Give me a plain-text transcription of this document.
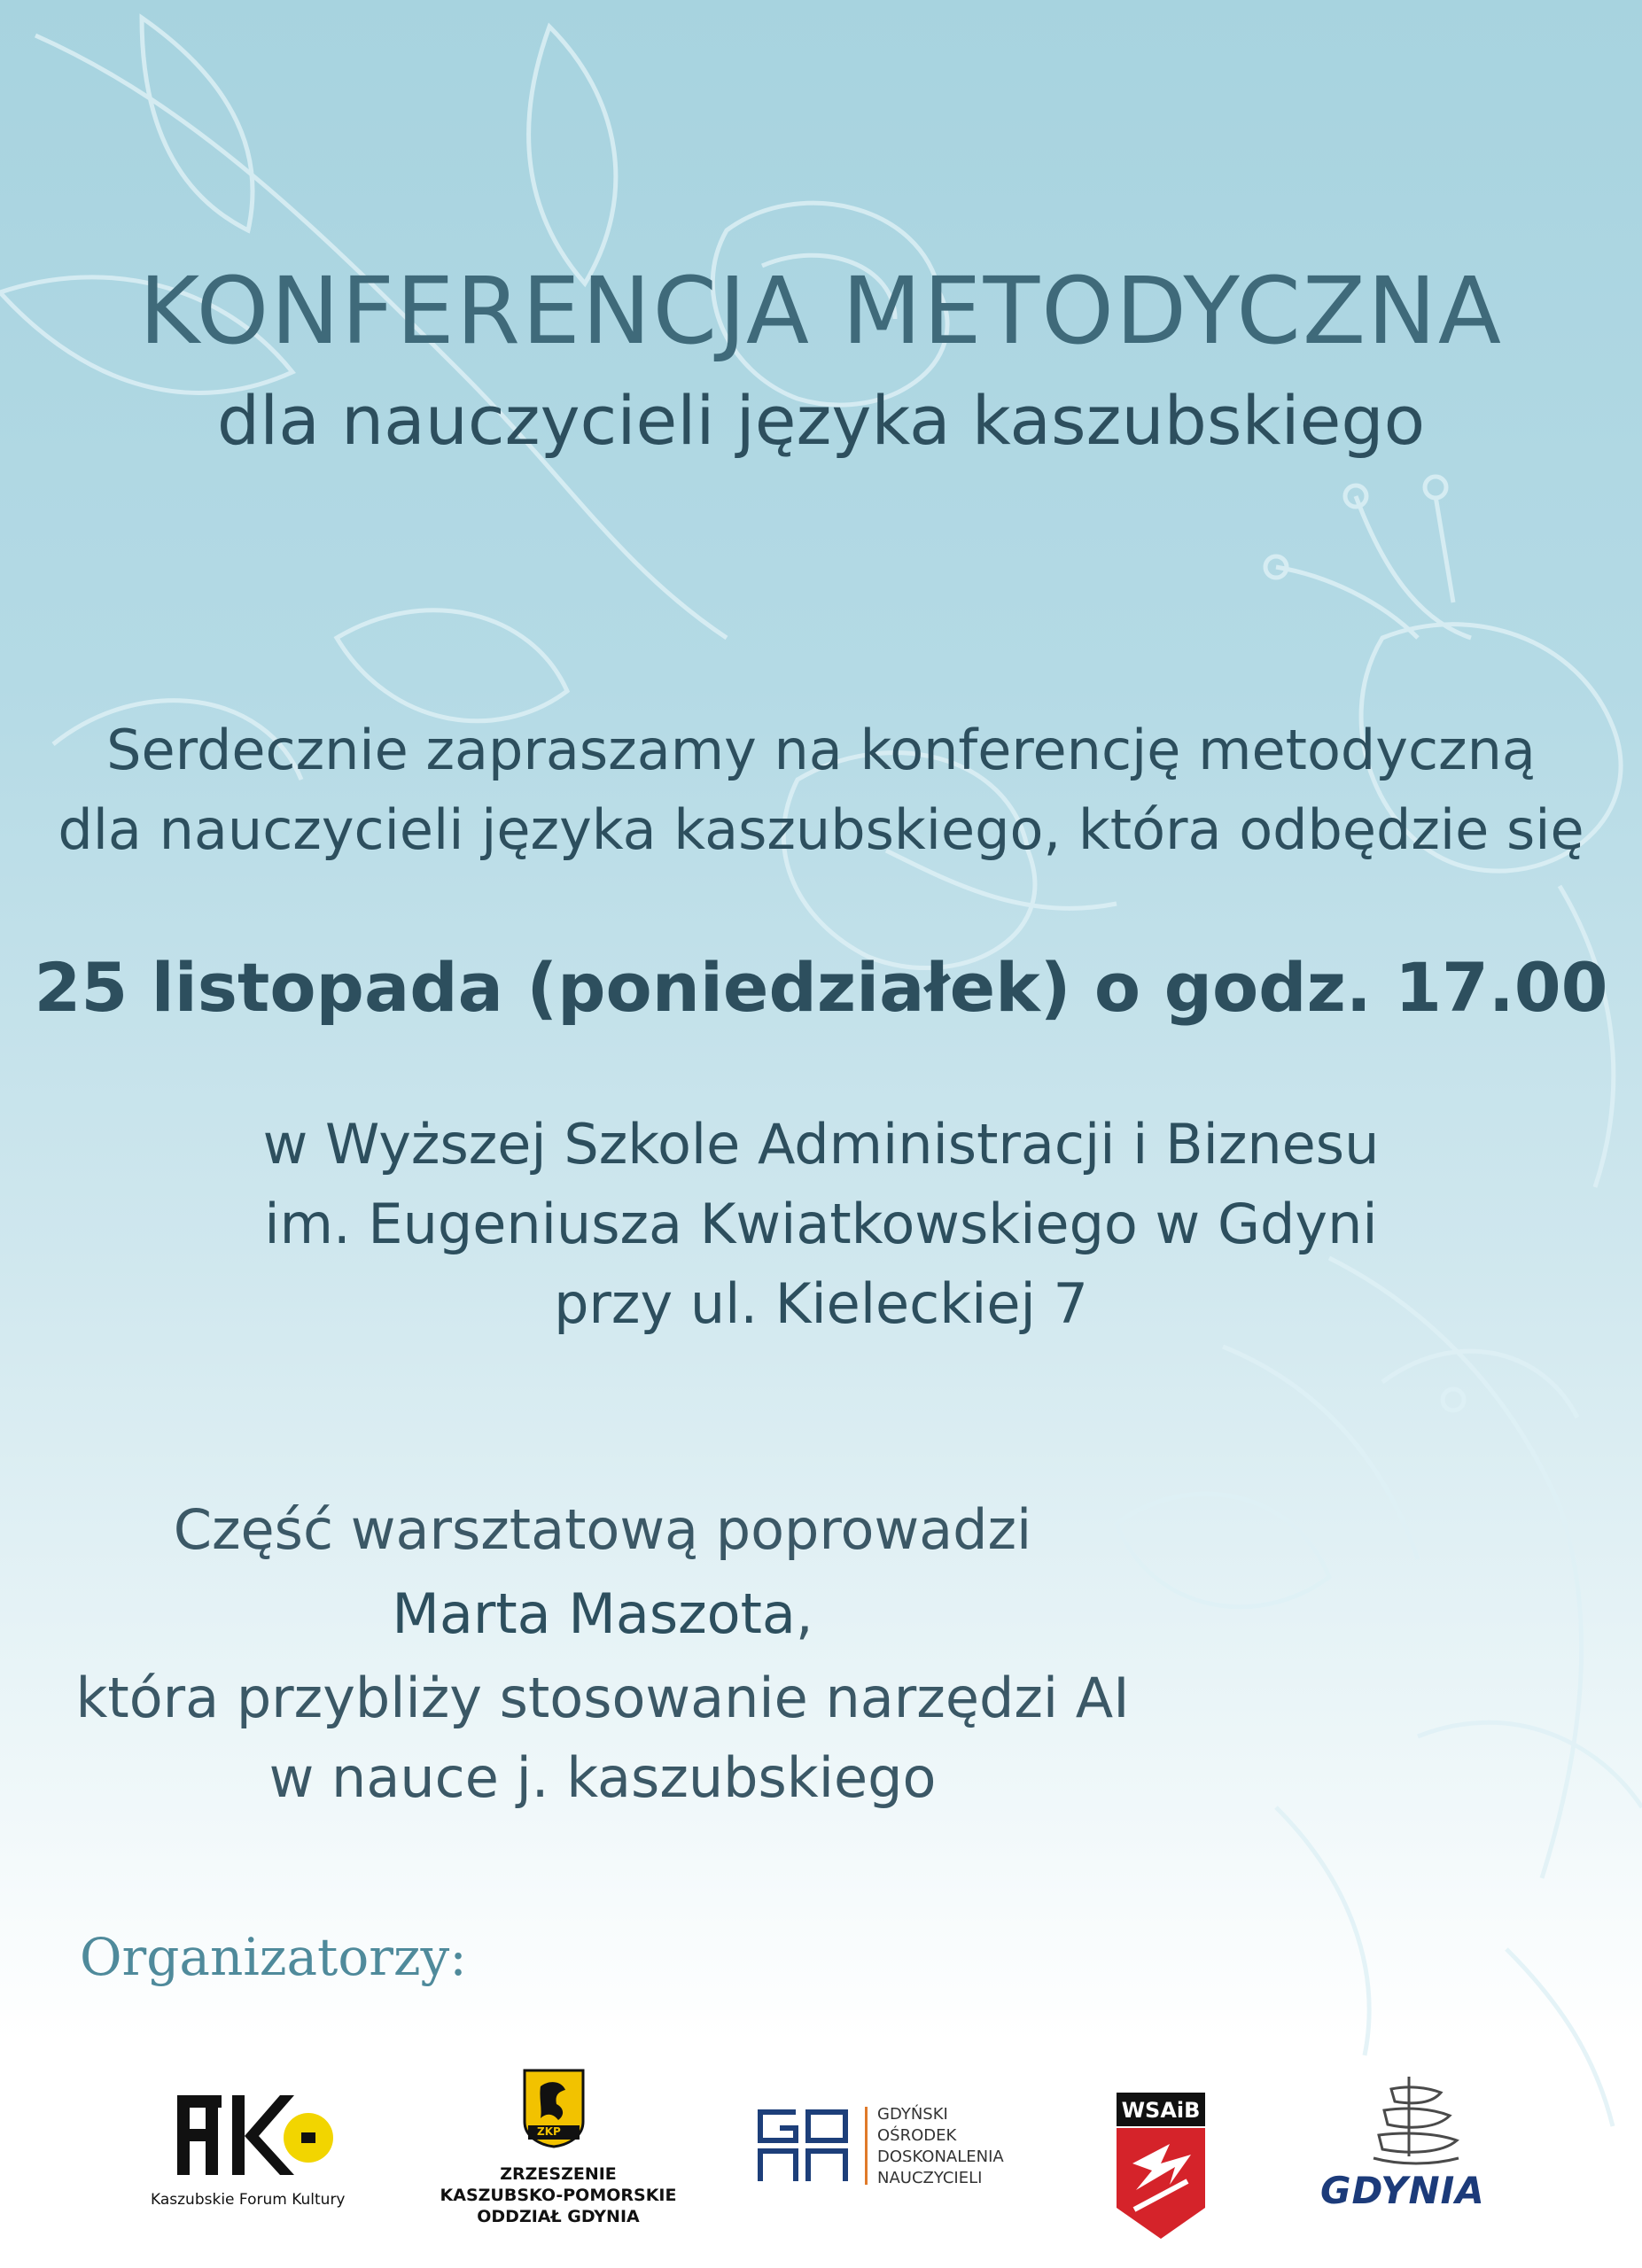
KONFERENCJA METODYCZNA
dla nauczycieli języka kaszubskiego
Serdecznie zapraszamy na konferencję metodyczną
dla nauczycieli języka kaszubskiego, która odbędzie się
25 listopada (poniedziałek) o godz. 17.00
w Wyższej Szkole Administracji i Biznesu
im. Eugeniusza Kwiatkowskiego w Gdyni
przy ul. Kieleckiej 7
Część warsztatową poprowadzi
Marta Maszota,
która przybliży stosowanie narzędzi AI
w nauce j. kaszubskiego
Organizatorzy:
Kaszubskie Forum Kultury
ZKP
ZRZESZENIE
KASZUBSKO-POMORSKIE
ODDZIAŁ GDYNIA
GDYŃSKI
OŚRODEK
DOSKONALENIA
NAUCZYCIELI
WSAiB
GDYNIA
